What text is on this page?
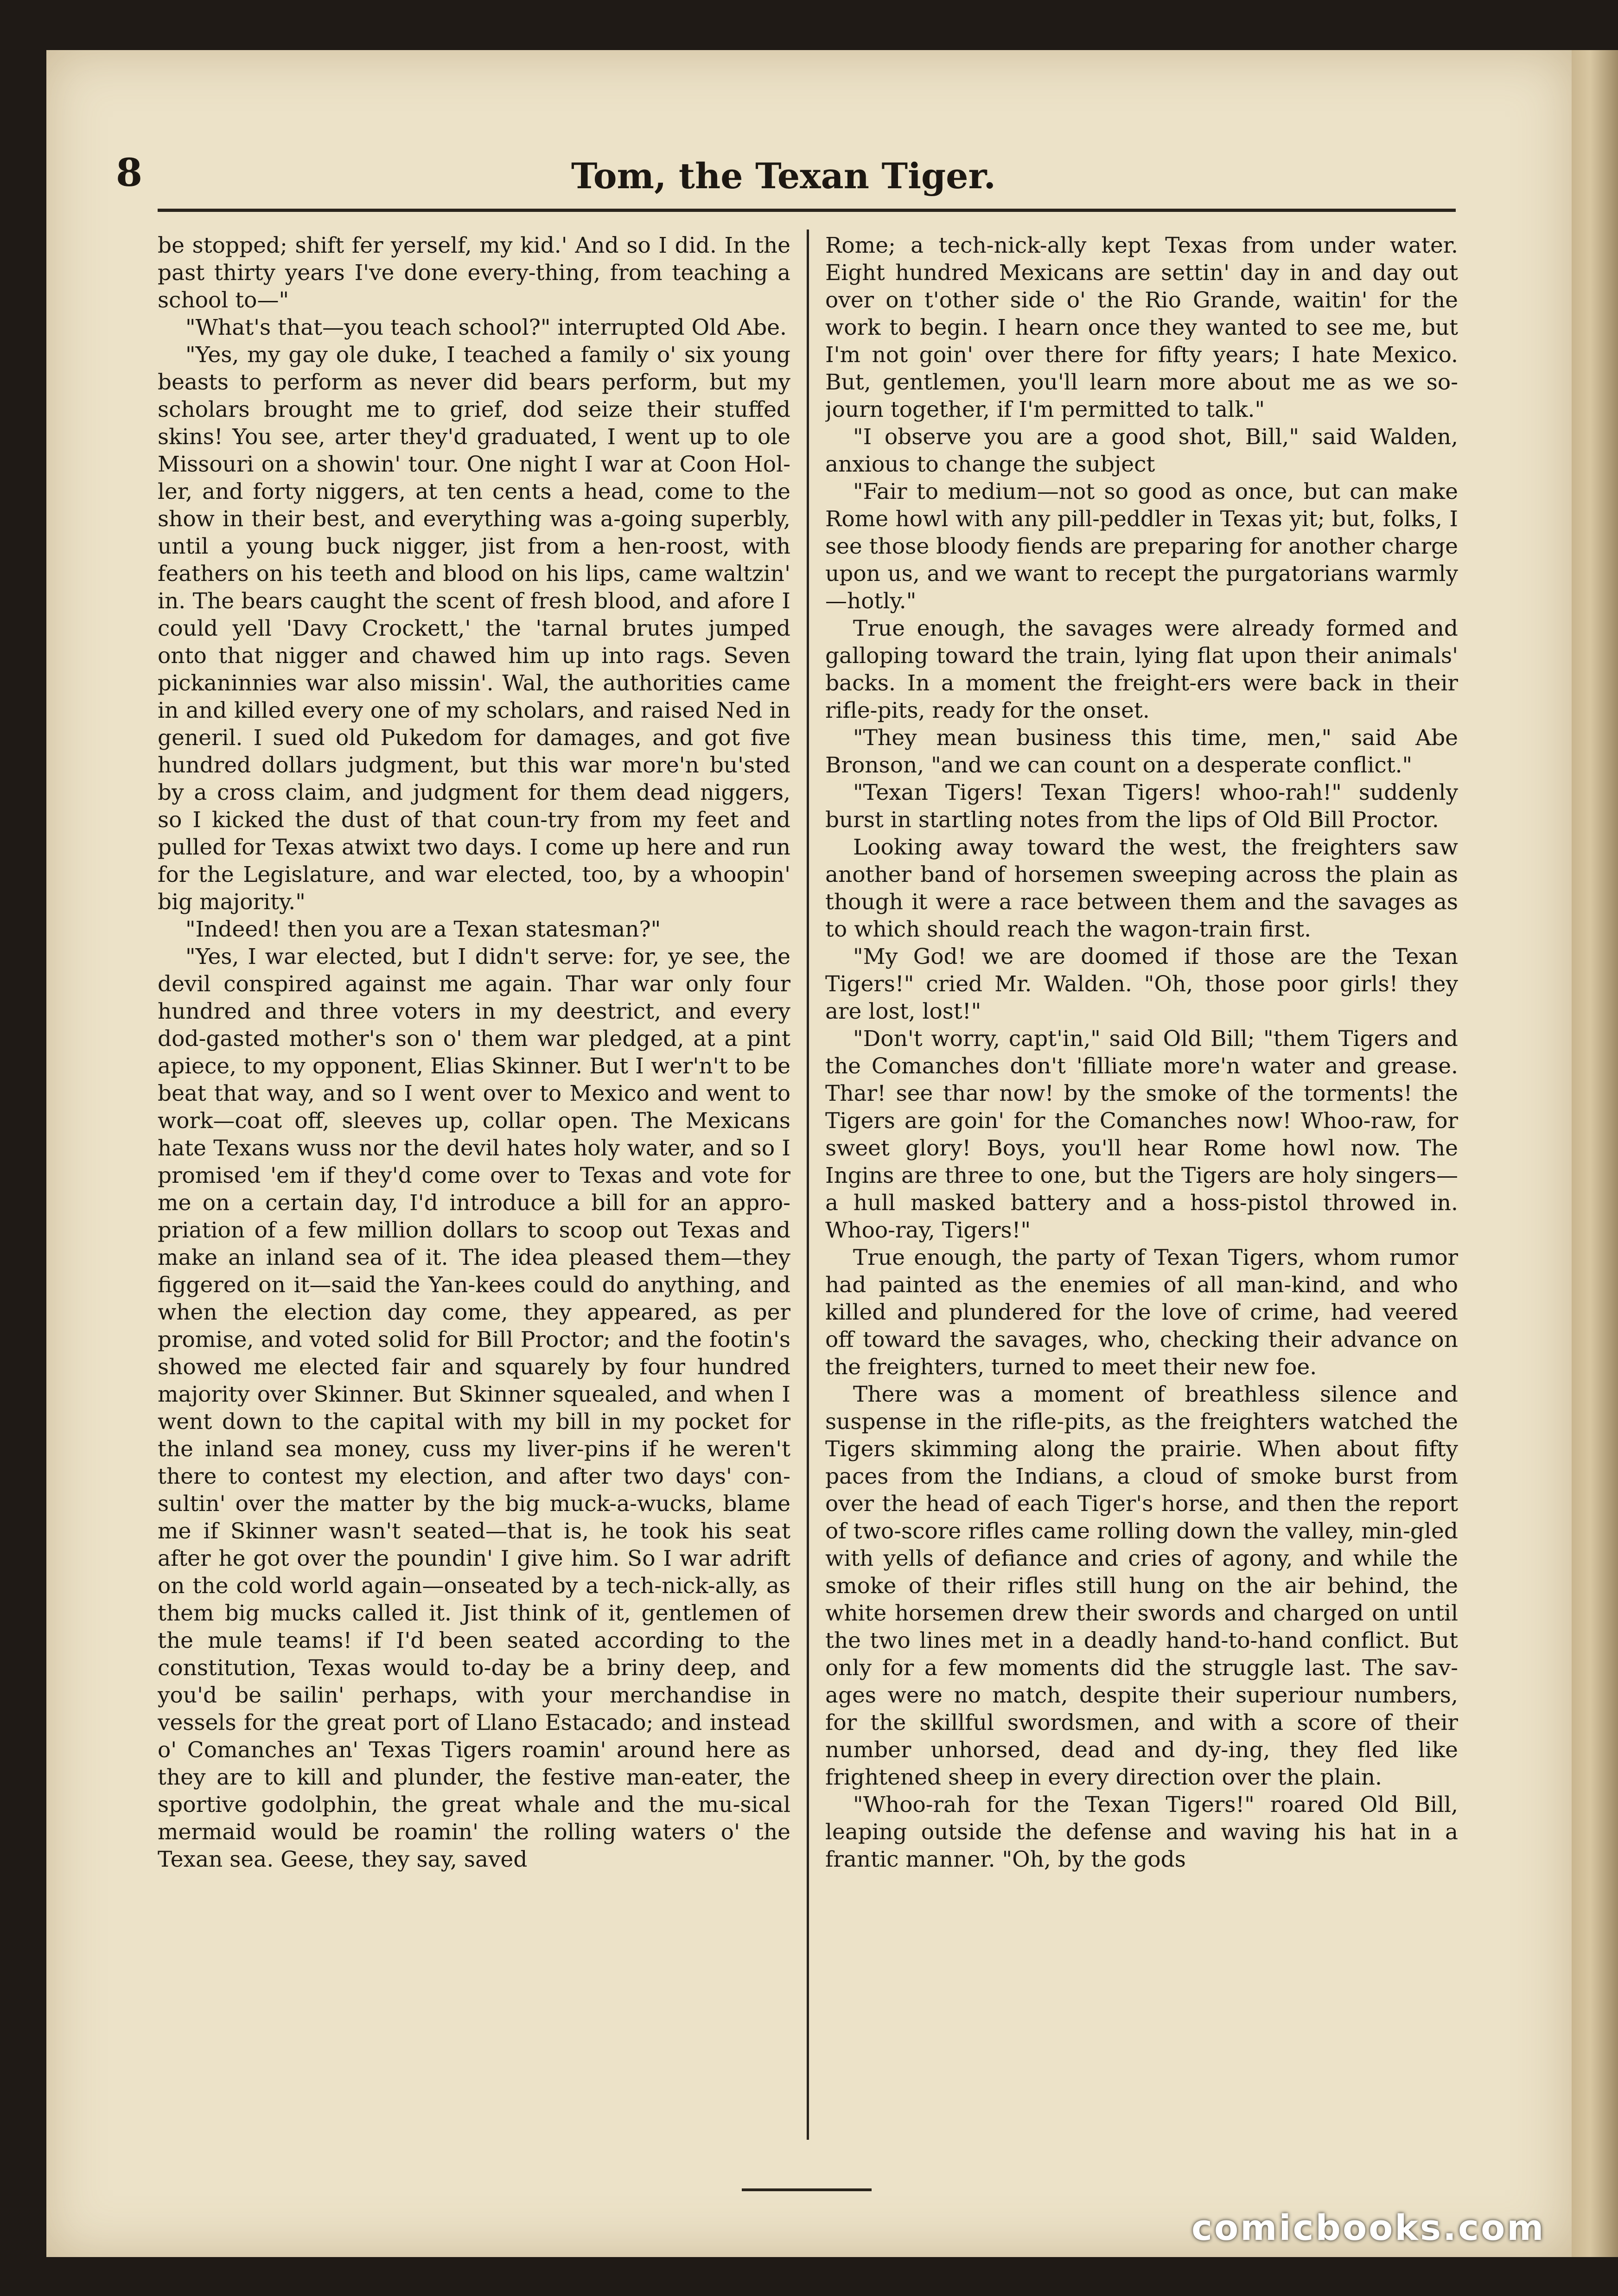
8	Tom, the Texan Tiger.

be stopped; shift fer yerself, my kid.' And so I did. In the past thirty years I've done every-thing, from teaching a school to—"

"What's that—you teach school?" interrupted Old Abe.

"Yes, my gay ole duke, I teached a family o' six young beasts to perform as never did bears perform, but my scholars brought me to grief, dod seize their stuffed skins! You see, arter they'd graduated, I went up to ole Missouri on a showin' tour. One night I war at Coon Hol-ler, and forty niggers, at ten cents a head, come to the show in their best, and everything was a-going superbly, until a young buck nigger, jist from a hen-roost, with feathers on his teeth and blood on his lips, came waltzin' in. The bears caught the scent of fresh blood, and afore I could yell 'Davy Crockett,' the 'tarnal brutes jumped onto that nigger and chawed him up into rags. Seven pickaninnies war also missin'. Wal, the authorities came in and killed every one of my scholars, and raised Ned in generil. I sued old Pukedom for damages, and got five hundred dollars judgment, but this war more'n bu'sted by a cross claim, and judgment for them dead niggers, so I kicked the dust of that coun-try from my feet and pulled for Texas atwixt two days. I come up here and run for the Legislature, and war elected, too, by a whoopin' big majority."

"Indeed! then you are a Texan statesman?"

"Yes, I war elected, but I didn't serve: for, ye see, the devil conspired against me again. Thar war only four hundred and three voters in my deestrict, and every dod-gasted mother's son o' them war pledged, at a pint apiece, to my opponent, Elias Skinner. But I wer'n't to be beat that way, and so I went over to Mexico and went to work—coat off, sleeves up, collar open. The Mexicans hate Texans wuss nor the devil hates holy water, and so I promised 'em if they'd come over to Texas and vote for me on a certain day, I'd introduce a bill for an appro-priation of a few million dollars to scoop out Texas and make an inland sea of it. The idea pleased them—they figgered on it—said the Yan-kees could do anything, and when the election day come, they appeared, as per promise, and voted solid for Bill Proctor; and the footin's showed me elected fair and squarely by four hundred majority over Skinner. But Skinner squealed, and when I went down to the capital with my bill in my pocket for the inland sea money, cuss my liver-pins if he weren't there to contest my election, and after two days' con-sultin' over the matter by the big muck-a-wucks, blame me if Skinner wasn't seated—that is, he took his seat after he got over the poundin' I give him. So I war adrift on the cold world again—onseated by a tech-nick-ally, as them big mucks called it. Jist think of it, gentlemen of the mule teams! if I'd been seated according to the constitution, Texas would to-day be a briny deep, and you'd be sailin' perhaps, with your merchandise in vessels for the great port of Llano Estacado; and instead o' Comanches an' Texas Tigers roamin' around here as they are to kill and plunder, the festive man-eater, the sportive godolphin, the great whale and the mu-sical mermaid would be roamin' the rolling waters o' the Texan sea. Geese, they say, saved

Rome; a tech-nick-ally kept Texas from under water. Eight hundred Mexicans are settin' day in and day out over on t'other side o' the Rio Grande, waitin' for the work to begin. I hearn once they wanted to see me, but I'm not goin' over there for fifty years; I hate Mexico. But, gentlemen, you'll learn more about me as we so-journ together, if I'm permitted to talk."

"I observe you are a good shot, Bill," said Walden, anxious to change the subject

"Fair to medium—not so good as once, but can make Rome howl with any pill-peddler in Texas yit; but, folks, I see those bloody fiends are preparing for another charge upon us, and we want to recept the purgatorians warmly—hotly."

True enough, the savages were already formed and galloping toward the train, lying flat upon their animals' backs. In a moment the freight-ers were back in their rifle-pits, ready for the onset.

"They mean business this time, men," said Abe Bronson, "and we can count on a desperate conflict."

"Texan Tigers! Texan Tigers! whoo-rah!" suddenly burst in startling notes from the lips of Old Bill Proctor.

Looking away toward the west, the freighters saw another band of horsemen sweeping across the plain as though it were a race between them and the savages as to which should reach the wagon-train first.

"My God! we are doomed if those are the Texan Tigers!" cried Mr. Walden. "Oh, those poor girls! they are lost, lost!"

"Don't worry, capt'in," said Old Bill; "them Tigers and the Comanches don't 'filliate more'n water and grease. Thar! see thar now! by the smoke of the torments! the Tigers are goin' for the Comanches now! Whoo-raw, for sweet glory! Boys, you'll hear Rome howl now. The Ingins are three to one, but the Tigers are holy singers—a hull masked battery and a hoss-pistol throwed in. Whoo-ray, Tigers!"

True enough, the party of Texan Tigers, whom rumor had painted as the enemies of all man-kind, and who killed and plundered for the love of crime, had veered off toward the savages, who, checking their advance on the freighters, turned to meet their new foe.

There was a moment of breathless silence and suspense in the rifle-pits, as the freighters watched the Tigers skimming along the prairie. When about fifty paces from the Indians, a cloud of smoke burst from over the head of each Tiger's horse, and then the report of two-score rifles came rolling down the valley, min-gled with yells of defiance and cries of agony, and while the smoke of their rifles still hung on the air behind, the white horsemen drew their swords and charged on until the two lines met in a deadly hand-to-hand conflict. But only for a few moments did the struggle last. The sav-ages were no match, despite their superiour numbers, for the skillful swordsmen, and with a score of their number unhorsed, dead and dy-ing, they fled like frightened sheep in every direction over the plain.

"Whoo-rah for the Texan Tigers!" roared Old Bill, leaping outside the defense and waving his hat in a frantic manner. "Oh, by the gods

comicbooks.com
